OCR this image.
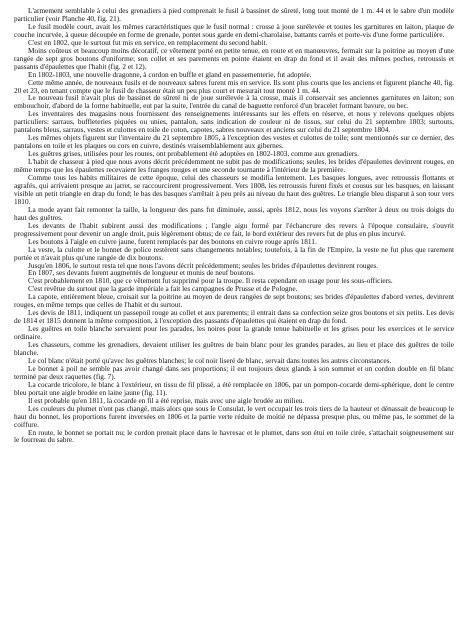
L'armement semblable à celui des grenadiers à pied comprenait le fusil à bassinet de sûreté, long tout monté de 1 m. 44 et le sabre d'un modèle particulier (voir Planche 40, fig. 21).

Le fusil modèle court, avait les mêmes caractéristiques que le fusil normal : crosse à joue surélevée et toutes les garnitures en laiton, plaque de couche incurvée, à queue découpée en forme de grenade, pontet sous garde en demi-charolaise, battants carrés et porte-vis d'une forme particulière.

C'est en 1802, que le surtout fut mis en service, en remplacement du second habit.

Moins coûteux et beaucoup moins décoratif, ce vêtement porté en petite tenue, en route et en manœuvres, fermait sur la poitrine au moyen d'une rangée de sept gros boutons d'uniforme; son collet et ses parements en pointe étaient en drap du fond et il avait des mêmes poches, retroussis et passants d'épaulettes que l'habit (fig. 2 et 12).

En 1802-1803, une nouvelle dragonne, à cordon en buffle et gland en passementerie, fut adoptée.

Cette même année, de nouveaux fusils et de nouveaux sabres furent mis en service. Ils sont plus courts que les anciens et figurent planche 40, fig. 20 et 23, en tenant compte que le fusil de chasseur était un peu plus court et mesurait tout monté 1 m. 44.

Le nouveau fusil n'avait plus de bassinet de sûreté ni de joue surélevée à la crosse, mais il conservait ses anciennes garnitures en laiton; son embouchoir, d'abord de la forme habituelle, eut par la suite, l'entrée du canal de baguette renforcé d'un bracelet formant bavure, ou bec.

Les inventaires des magasins nous fournissent des renseignements intéressants sur les effets en réserve, et nous y relevons quelques objets particuliers: sarraus, buffleteries piquées ou unies, pantalon, sans indication de couleur ni de tissus, sur celui du 21 septembre 1803; surtouts, pantalons bleus, sarraus, vestes et culottes en toile de coton, capotes, sabres nouveaux et anciens sur celui du 21 septembre 1804.

Les mêmes objets figurent sur l'inventaire du 21 septembre 1805, à l'exception des vestes et culottes de toile; sont mentionnés sur ce dernier, des pantalons en toile et les plaques ou cors en cuivre, destinés vraisemblablement aux gibernes.

Les guêtres grises, utilisées pour les routes, ont probablement été adoptées en 1802-1803, comme aux grenadiers.

L'habit de chasseur à pied que nous avons décrit précédemment ne subit pas de modifications; seules, les brides d'épaulettes devinrent rouges, en même temps que les épaulettes recevaient les franges rouges et une seconde tournante à l'intérieur de la première.

Comme tous les habits militaires de cette époque, celui des chasseurs se modifia lentement. Les basques longues, avec retroussis flottants et agrafés, qui arrivaient presque au jarret, se raccourcirent progressivement. Vers 1808, les retroussis furent fixés et cousus sur les basques, en laissant visible un petit triangle en drap du fond; le bas des basques s'arrêtait à peu près au niveau du haut des guêtres. Le triangle bleu disparut à son tour vers 1810.

La mode ayant fait remonter la taille, la longueur des pans fut diminuée, aussi, après 1812, nous les voyons s'arrêter à deux ou trois doigts du haut des guêtres.

Les devants de l'habit subirent aussi des modifications ; l'angle aigu formé par l'échancrure des revers à l'époque consulaire, s'ouvrit progressivement pour devenir un angle droit, puis légèrement obtus; de ce fait, le bord extérieur des revers fut de plus en plus incurvé.

Les boutons à l'aigle en cuivre jaune, furent remplacés par des boutons en cuivre rouge après 1811.

La veste, la culotte et le bonnet de police restèrent sans changements notables; toutefois, à la fin de l'Empire, la veste ne fut plus que rarement portée et n'avait plus qu'une rangée de dix boutons.

Jusqu'en 1806, le surtout resta tel que nous l'avons décrit précédemment; seules les brides d'épaulettes devinrent rouges.

En 1807, ses devants furent augmentés de longueur et munis de neuf boutons.

C'est probablement en 1810, que ce vêtement fut supprimé pour la troupe. Il resta cependant en usage pour les sous-officiers.

C'est revêtue du surtout que la garde impériale a fait les campagnes de Prusse et de Pologne.

La capote, entièrement bleue, croisait sur la poitrine au moyen de deux rangées de sept boutons; ses brides d'épaulettes d'abord vertes, devinrent rouges, en même temps que celles de l'habit et du surtout.

Les devis de 1811, indiquent un passepoil rouge au collet et aux parements; il entrait dans sa confection seize gros boutons et six petits. Les devis de 1814 et 1815 donnent la même composition, à l'exception des passants d'épaulettes qui étaient en drap du fond.

Les guêtres en toile blanche servaient pour les parades, les noires pour la grande tenue habituelle et les grises pour les exercices et le service ordinaire.

Les chasseurs, comme les grenadiers, devaient utiliser les guêtres de bain blanc pour les grandes parades, au lieu et place des guêtres de toile blanche.

Le col blanc n'était porté qu'avec les guêtres blanches; le col noir liseré de blanc, servait dans toutes les autres circonstances.

Le bonnet à poil ne semble pas avoir changé dans ses proportions; il eut toujours deux glands à son sommet et un cordon double en fil blanc terminé par deux raquettes (fig. 7).

La cocarde tricolore, le blanc à l'extérieur, en tissu de fil plissé, a été remplacée en 1806, par un pompon-cocarde demi-sphérique, dont le centre bleu portait une aigle brodée en laine jaune (fig. 11).

Il est probable qu'en 1811, la cocarde en fil a été reprise, mais avec une aigle brodée au milieu.

Les couleurs du plumet n'ont pas changé, mais alors que sous le Consulat, le vert occupait les trois tiers de la hauteur et dénassait de beaucoup le haut du bonnet, les proportions furent inversées en 1806 et la partie verte réduite de moitié ne dépassa presque plus, ou même pas, le sommet de la coiffure.

En route, le bonnet se portait nu; le cordon prenait place dans le havresac et le plumet, dans son étui en toile cirée, s'attachait soigneusement sur le fourreau du sabre.
